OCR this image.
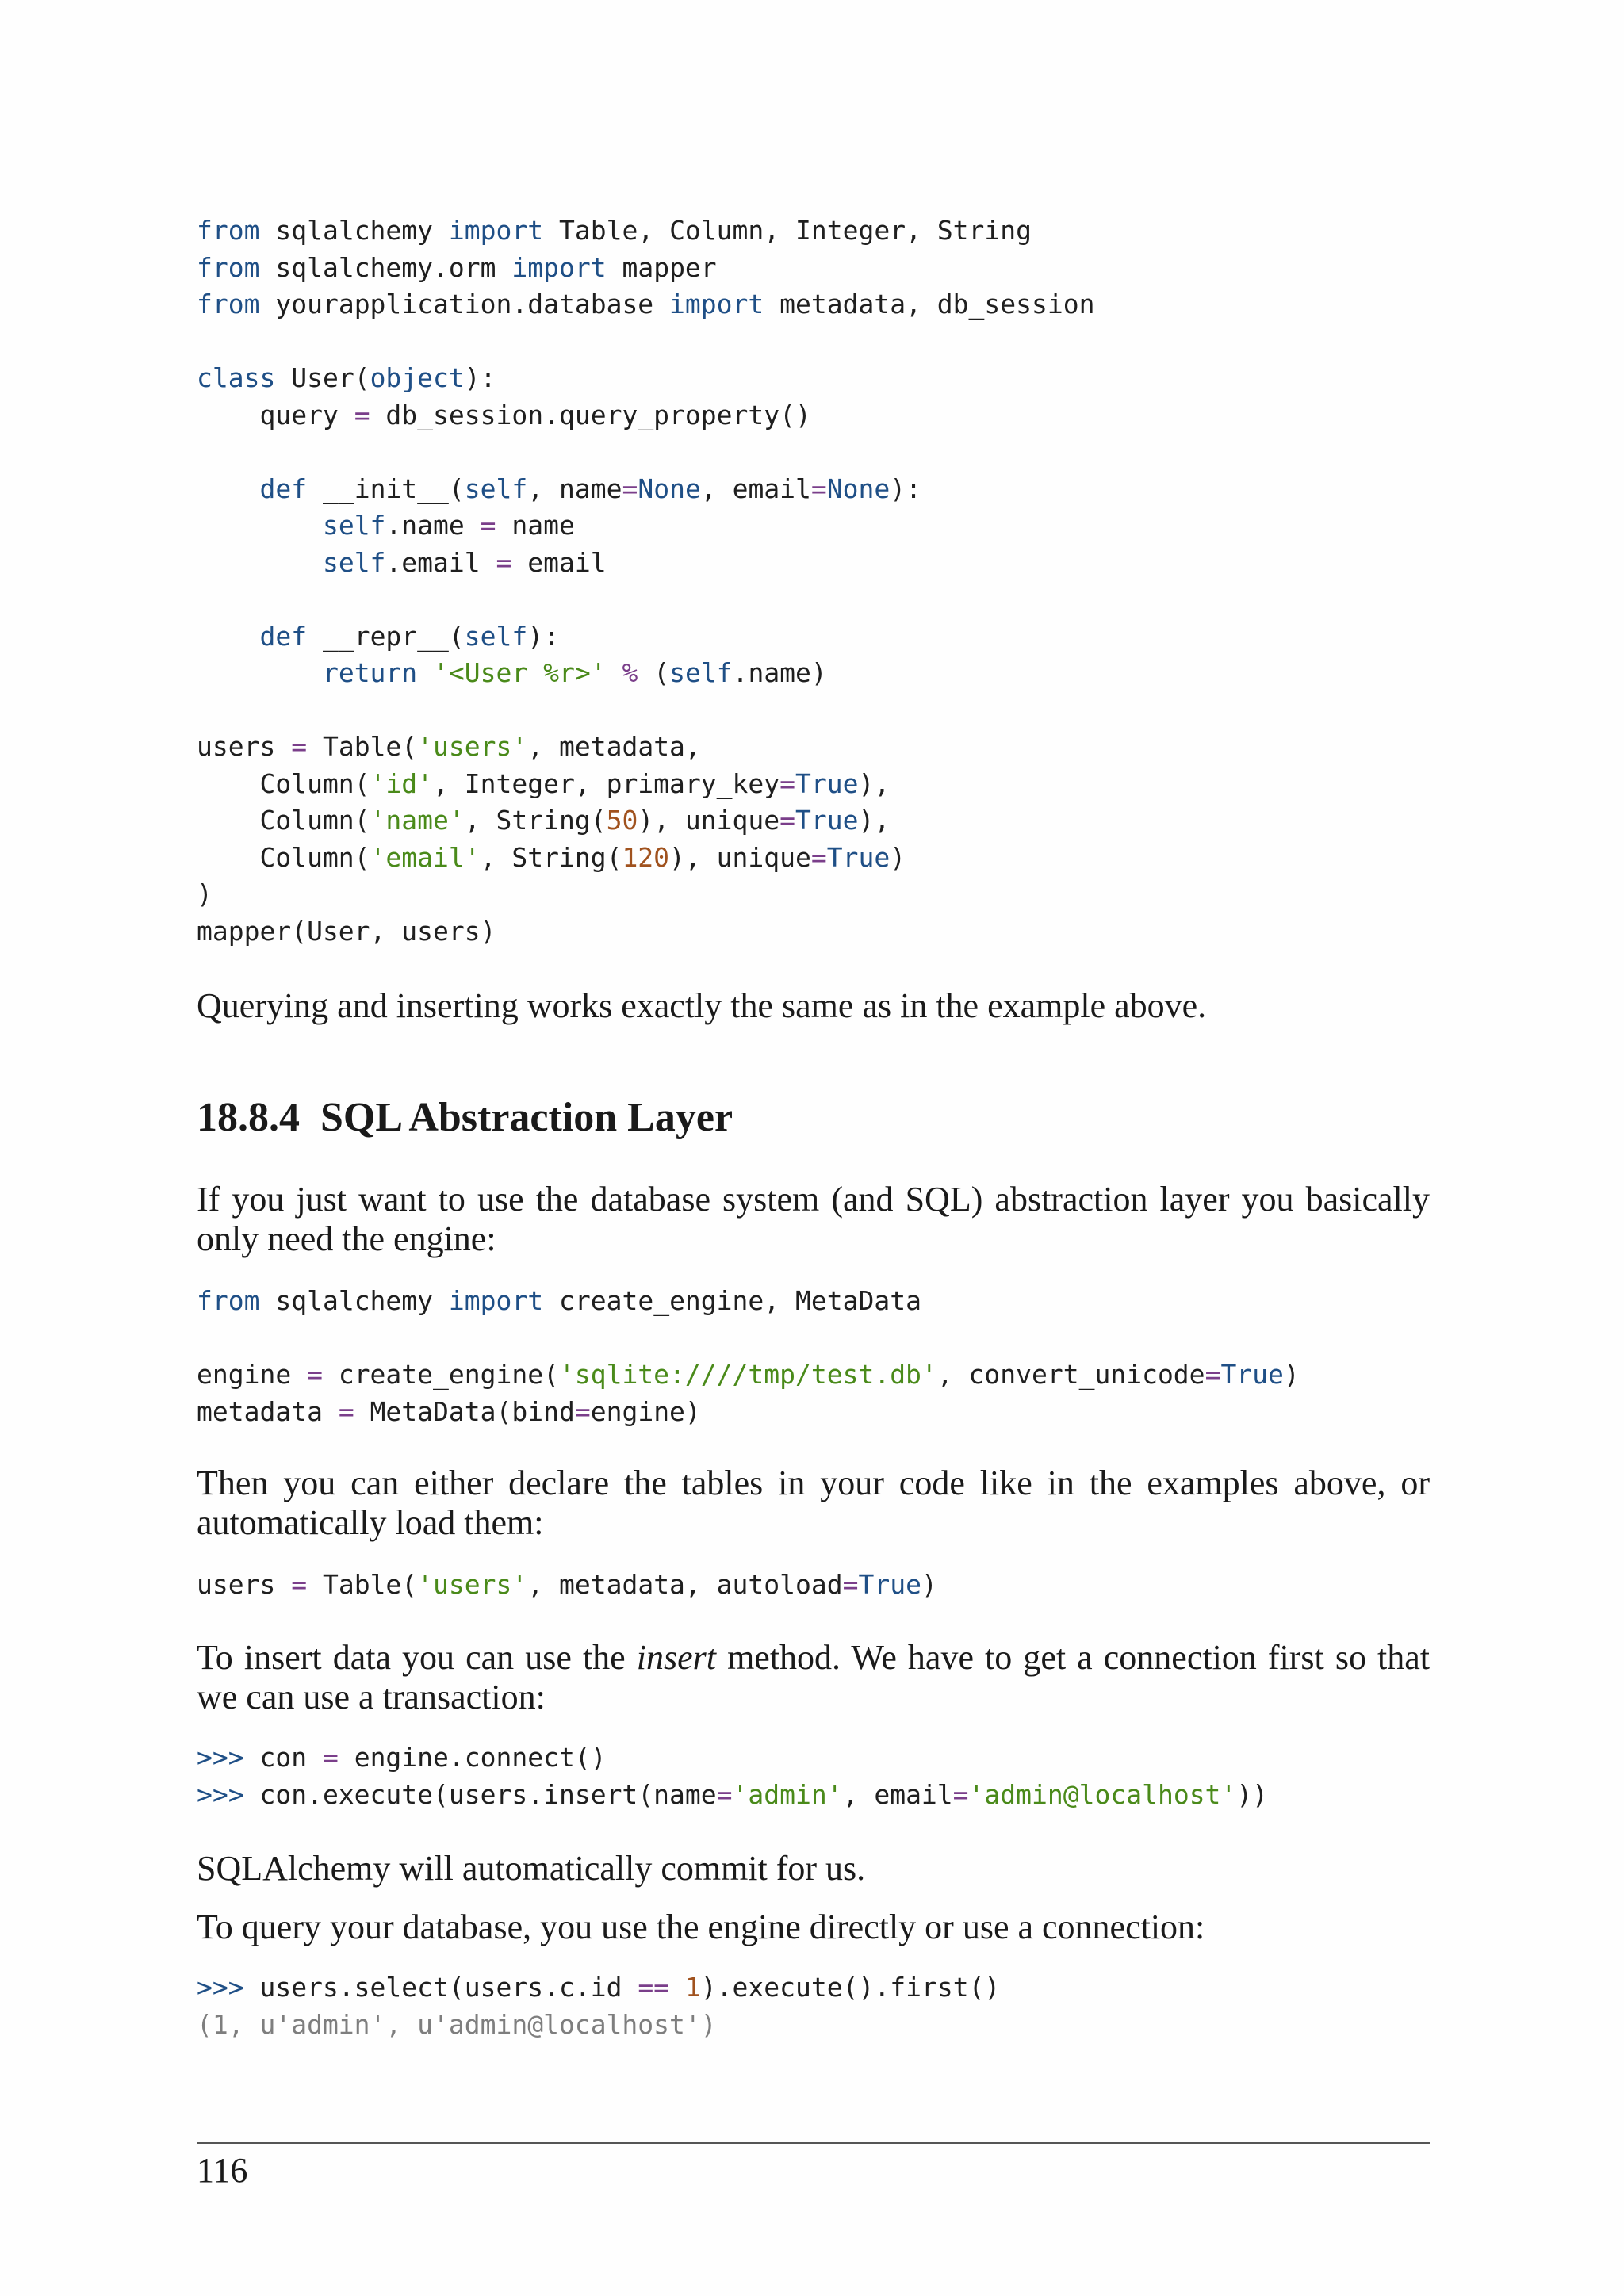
from sqlalchemy import Table, Column, Integer, String
from sqlalchemy.orm import mapper
from yourapplication.database import metadata, db_session

class User(object):
query = db_session.query_property()

def __init__(self, name=None, email=None):
self.name = name
self.email = email

def __repr__(self):
return '<User %r>' % (self.name)

users = Table('users', metadata,
Column('id', Integer, primary_key=True),
Column('name', String(50), unique=True),
Column('email', String(120), unique=True)
)
mapper(User, users)

Querying and inserting works exactly the same as in the example above.

18.8.4 SQL Abstraction Layer

If you just want to use the database system (and SQL) abstraction layer you basically only need the engine:

from sqlalchemy import create_engine, MetaData

engine = create_engine('sqlite:////tmp/test.db', convert_unicode=True)
metadata = MetaData(bind=engine)

Then you can either declare the tables in your code like in the examples above, or automatically load them:

users = Table('users', metadata, autoload=True)

To insert data you can use the insert method. We have to get a connection first so that we can use a transaction:

>>> con = engine.connect()
>>> con.execute(users.insert(name='admin', email='admin@localhost'))

SQLAlchemy will automatically commit for us.

To query your database, you use the engine directly or use a connection:

>>> users.select(users.c.id == 1).execute().first()
(1, u'admin', u'admin@localhost')
116
